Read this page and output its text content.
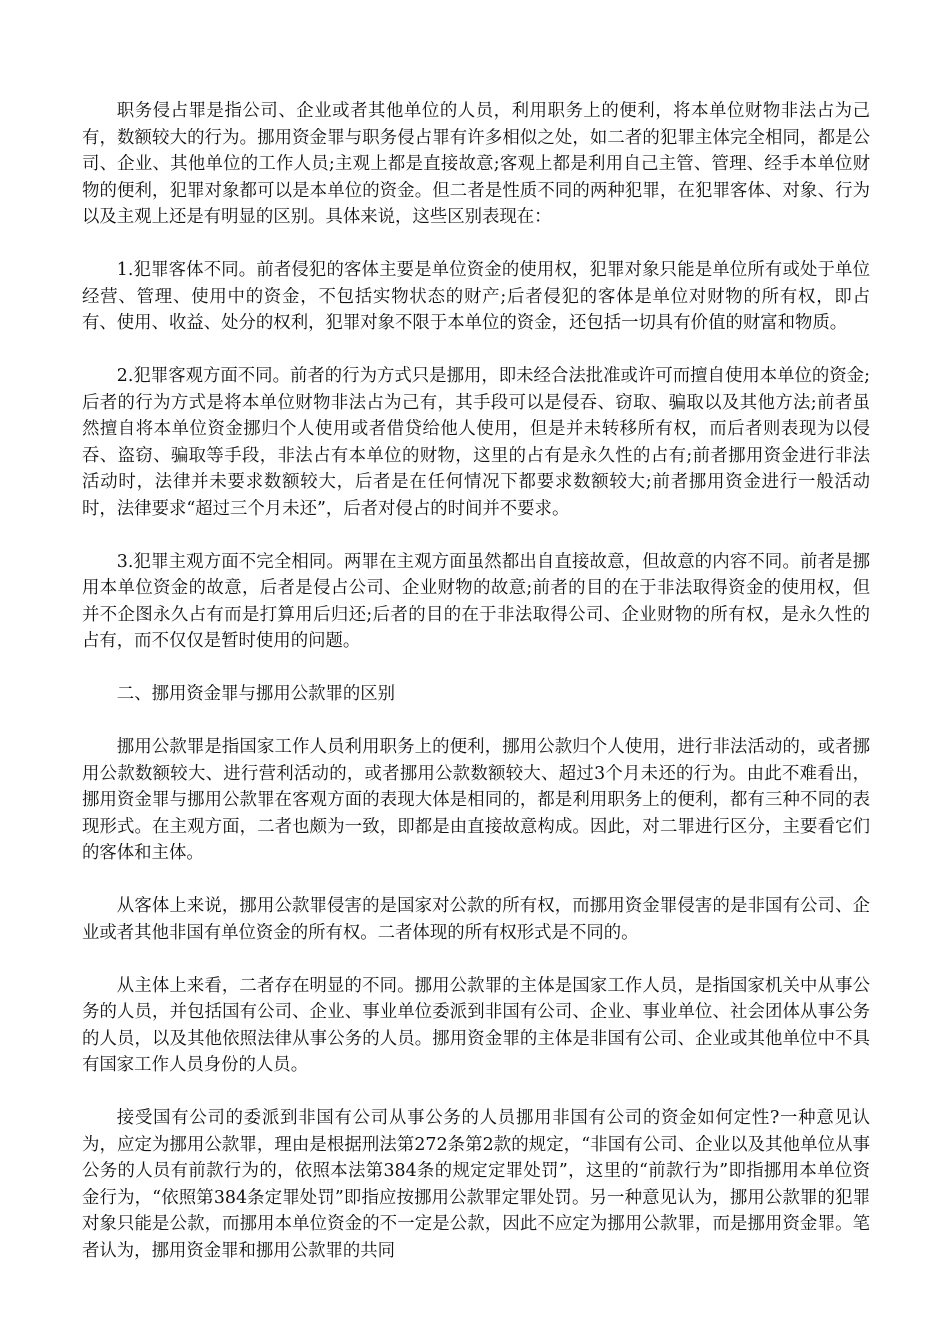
职务侵占罪是指公司、企业或者其他单位的人员，利用职务上的便利，将本单位财物非法占为己有，数额较大的行为。挪用资金罪与职务侵占罪有许多相似之处，如二者的犯罪主体完全相同，都是公司、企业、其他单位的工作人员;主观上都是直接故意;客观上都是利用自己主管、管理、经手本单位财物的便利，犯罪对象都可以是本单位的资金。但二者是性质不同的两种犯罪，在犯罪客体、对象、行为以及主观上还是有明显的区别。具体来说，这些区别表现在：

1.犯罪客体不同。前者侵犯的客体主要是单位资金的使用权，犯罪对象只能是单位所有或处于单位经营、管理、使用中的资金，不包括实物状态的财产;后者侵犯的客体是单位对财物的所有权，即占有、使用、收益、处分的权利，犯罪对象不限于本单位的资金，还包括一切具有价值的财富和物质。

2.犯罪客观方面不同。前者的行为方式只是挪用，即未经合法批准或许可而擅自使用本单位的资金;后者的行为方式是将本单位财物非法占为己有，其手段可以是侵吞、窃取、骗取以及其他方法;前者虽然擅自将本单位资金挪归个人使用或者借贷给他人使用，但是并未转移所有权，而后者则表现为以侵吞、盗窃、骗取等手段，非法占有本单位的财物，这里的占有是永久性的占有;前者挪用资金进行非法活动时，法律并未要求数额较大，后者是在任何情况下都要求数额较大;前者挪用资金进行一般活动时，法律要求“超过三个月未还”，后者对侵占的时间并不要求。

3.犯罪主观方面不完全相同。两罪在主观方面虽然都出自直接故意，但故意的内容不同。前者是挪用本单位资金的故意，后者是侵占公司、企业财物的故意;前者的目的在于非法取得资金的使用权，但并不企图永久占有而是打算用后归还;后者的目的在于非法取得公司、企业财物的所有权，是永久性的占有，而不仅仅是暂时使用的问题。

二、挪用资金罪与挪用公款罪的区别

挪用公款罪是指国家工作人员利用职务上的便利，挪用公款归个人使用，进行非法活动的，或者挪用公款数额较大、进行营利活动的，或者挪用公款数额较大、超过3个月未还的行为。由此不难看出，挪用资金罪与挪用公款罪在客观方面的表现大体是相同的，都是利用职务上的便利，都有三种不同的表现形式。在主观方面，二者也颇为一致，即都是由直接故意构成。因此，对二罪进行区分，主要看它们的客体和主体。

从客体上来说，挪用公款罪侵害的是国家对公款的所有权，而挪用资金罪侵害的是非国有公司、企业或者其他非国有单位资金的所有权。二者体现的所有权形式是不同的。

从主体上来看，二者存在明显的不同。挪用公款罪的主体是国家工作人员，是指国家机关中从事公务的人员，并包括国有公司、企业、事业单位委派到非国有公司、企业、事业单位、社会团体从事公务的人员，以及其他依照法律从事公务的人员。挪用资金罪的主体是非国有公司、企业或其他单位中不具有国家工作人员身份的人员。

接受国有公司的委派到非国有公司从事公务的人员挪用非国有公司的资金如何定性?一种意见认为，应定为挪用公款罪，理由是根据刑法第272条第2款的规定，“非国有公司、企业以及其他单位从事公务的人员有前款行为的，依照本法第384条的规定定罪处罚”，这里的“前款行为”即指挪用本单位资金行为，“依照第384条定罪处罚”即指应按挪用公款罪定罪处罚。另一种意见认为，挪用公款罪的犯罪对象只能是公款，而挪用本单位资金的不一定是公款，因此不应定为挪用公款罪，而是挪用资金罪。笔者认为，挪用资金罪和挪用公款罪的共同
